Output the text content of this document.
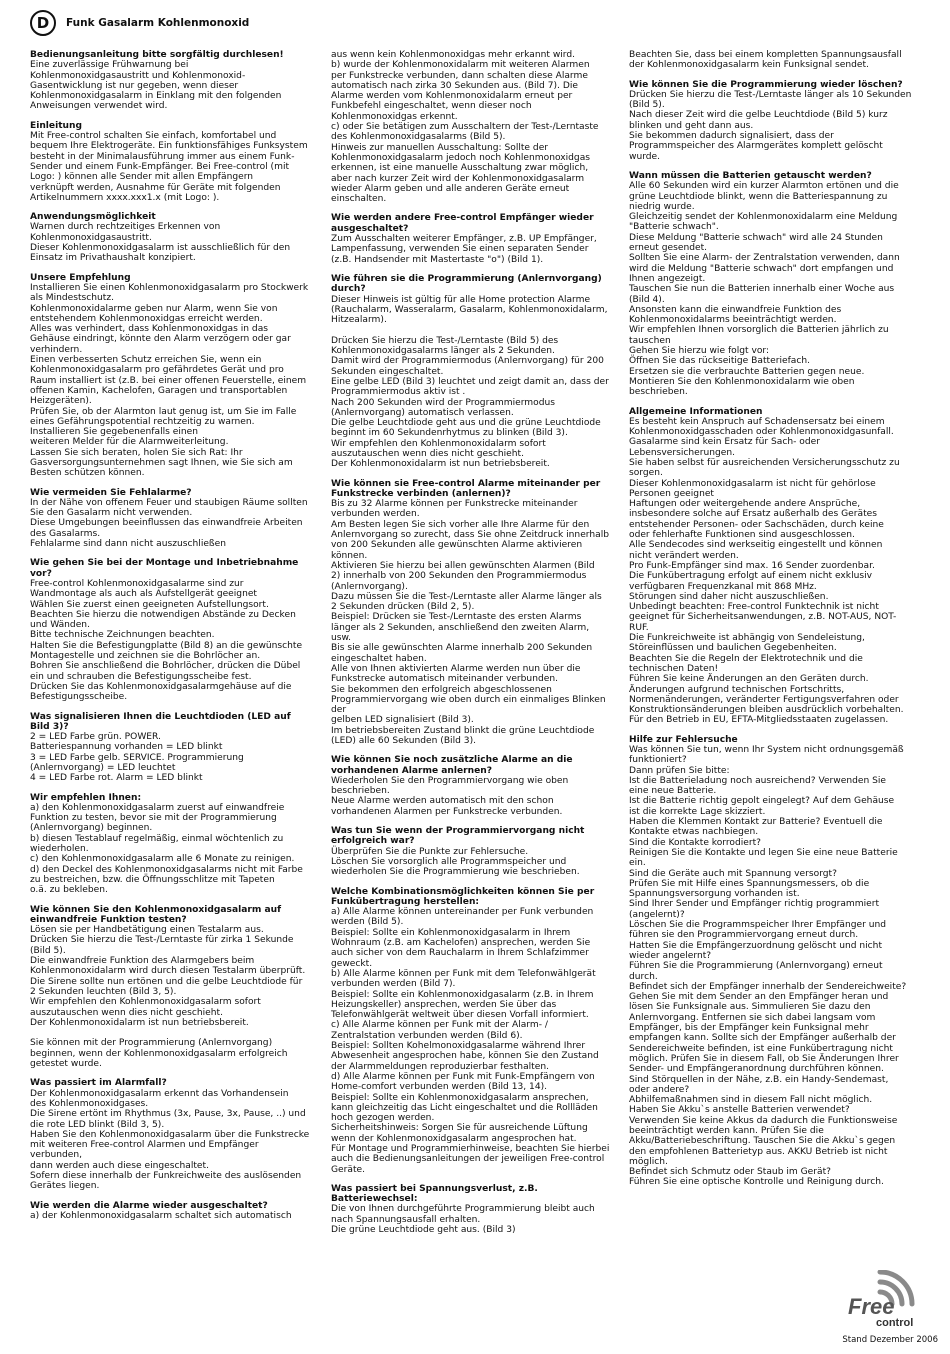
D	Funk Gasalarm Kohlenmonoxid
Bedienungsanleitung bitte sorgfältig durchlesen!

Eine zuverlässige Frühwarnung bei
Kohlenmonoxidgasaustritt und Kohlenmonoxid-
Gasentwicklung ist nur gegeben, wenn dieser
Kohlenmonoxidgasalarm in Einklang mit den folgenden
Anweisungen verwendet wird.

Einleitung

Mit Free-control schalten Sie einfach, komfortabel und
bequem Ihre Elektrogeräte. Ein funktionsfähiges Funksystem
besteht in der Minimalausführung immer aus einem Funk-
Sender und einem Funk-Empfänger. Bei Free-control (mit
Logo: ) können alle Sender mit allen Empfängern
verknüpft werden, Ausnahme für Geräte mit folgenden
Artikelnummern xxxx.xxx1.x (mit Logo: ).

Anwendungsmöglichkeit

Warnen durch rechtzeitiges Erkennen von
Kohlenmonoxidgasaustritt.
Dieser Kohlenmonoxidgasalarm ist ausschließlich für den
Einsatz im Privathaushalt konzipiert.

Unsere Empfehlung

Installieren Sie einen Kohlenmonoxidgasalarm pro Stockwerk
als Mindestschutz.
Kohlenmonoxidalarme geben nur Alarm, wenn Sie von
entstehendem Kohlenmonoxidgas erreicht werden.
Alles was verhindert, dass Kohlenmonoxidgas in das
Gehäuse eindringt, könnte den Alarm verzögern oder gar
verhindern.
Einen verbesserten Schutz erreichen Sie, wenn ein
Kohlenmonoxidgasalarm pro gefährdetes Gerät und pro
Raum installiert ist (z.B. bei einer offenen Feuerstelle, einem
offenen Kamin, Kachelofen, Garagen und transportablen
Heizgeräten).
Prüfen Sie, ob der Alarmton laut genug ist, um Sie im Falle
eines Gefährungspotential rechtzeitig zu warnen.
Installieren Sie gegebenenfalls einen
weiteren Melder für die Alarmweiterleitung.
Lassen Sie sich beraten, holen Sie sich Rat: Ihr
Gasversorgungsunternehmen sagt Ihnen, wie Sie sich am
Besten schützen können.

Wie vermeiden Sie Fehlalarme?

In der Nähe von offenem Feuer und staubigen Räume sollten
Sie den Gasalarm nicht verwenden.
Diese Umgebungen beeinflussen das einwandfreie Arbeiten
des Gasalarms.
Fehlalarme sind dann nicht auszuschließen

Wie gehen Sie bei der Montage und Inbetriebnahme vor?

Free-control Kohlenmonoxidgasalarme sind zur
Wandmontage als auch als Aufstellgerät geeignet
Wählen Sie zuerst einen geeigneten Aufstellungsort.
Beachten Sie hierzu die notwendigen Abstände zu Decken
und Wänden.
Bitte technische Zeichnungen beachten.
Halten Sie die Befestigungplatte (Bild 8) an die gewünschte
Montagestelle und zeichnen sie die Bohrlöcher an.
Bohren Sie anschließend die Bohrlöcher, drücken die Dübel
ein und schrauben die Befestigungsscheibe fest.
Drücken Sie das Kohlenmonoxidgasalarmgehäuse auf die
Befestigungsscheibe.

Was signalisieren Ihnen die Leuchtdioden (LED auf Bild 3)?

2 = LED Farbe grün. POWER.
Batteriespannung vorhanden = LED blinkt
3 = LED Farbe gelb. SERVICE. Programmierung
(Anlernvorgang) = LED leuchtet
4 = LED Farbe rot. Alarm = LED blinkt

Wir empfehlen Ihnen:

a) den Kohlenmonoxidgasalarm zuerst auf einwandfreie
Funktion zu testen, bevor sie mit der Programmierung
(Anlernvorgang) beginnen.
b) diesen Testablauf regelmäßig, einmal wöchtenlich zu
wiederholen.
c) den Kohlenmonoxidgasalarm alle 6 Monate zu reinigen.
d) den Deckel des Kohlenmonoxidgasalarms nicht mit Farbe
zu bestreichen, bzw. die Öffnungsschlitze mit Tapeten
o.ä. zu bekleben.

Wie können Sie den Kohlenmonoxidgasalarm auf einwandfreie Funktion testen?

Lösen sie per Handbetätigung einen Testalarm aus.
Drücken Sie hierzu die Test-/Lerntaste für zirka 1 Sekunde
(Bild 5).
Die einwandfreie Funktion des Alarmgebers beim
Kohlenmonoxidalarm wird durch diesen Testalarm überprüft.
Die Sirene sollte nun ertönen und die gelbe Leuchtdiode für
2 Sekunden leuchten (Bild 3, 5).
Wir empfehlen den Kohlenmonoxidgasalarm sofort
auszutauschen wenn dies nicht geschieht.
Der Kohlenmonoxidalarm ist nun betriebsbereit.

Sie können mit der Programmierung (Anlernvorgang)
beginnen, wenn der Kohlenmonoxidgasalarm erfolgreich
getestet wurde.

Was passiert im Alarmfall?

Der Kohlenmonoxidgasalarm erkennt das Vorhandensein
des Kohlenmonoxidgases.
Die Sirene ertönt im Rhythmus (3x, Pause, 3x, Pause, ..) und
die rote LED blinkt (Bild 3, 5).
Haben Sie den Kohlenmonoxidgasalarm über die Funkstrecke
mit weiteren Free-control Alarmen und Empfänger verbunden,
dann werden auch diese eingeschaltet.
Sofern diese innerhalb der Funkreichweite des auslösenden
Gerätes liegen.

Wie werden die Alarme wieder ausgeschaltet?

a) der Kohlenmonoxidgasalarm schaltet sich automatisch

aus wenn kein Kohlenmonoxidgas mehr erkannt wird.
b) wurde der Kohlenmonoxidalarm mit weiteren Alarmen
per Funkstrecke verbunden, dann schalten diese Alarme
automatisch nach zirka 30 Sekunden aus. (Bild 7). Die
Alarme werden vom Kohlenmonoxidalarm erneut per
Funkbefehl eingeschaltet, wenn dieser noch
Kohlenmonoxidgas erkennt.
c) oder Sie betätigen zum Ausschaltern der Test-/Lerntaste
des Kohlenmonoxidgasalarms (Bild 5).
Hinweis zur manuellen Ausschaltung: Sollte der
Kohlenmonoxidgasalarm jedoch noch Kohlenmonoxidgas
erkennen, ist eine manuelle Ausschaltung zwar möglich,
aber nach kurzer Zeit wird der Kohlenmonoxidgasalarm
wieder Alarm geben und alle anderen Geräte erneut
einschalten.

Wie werden andere Free-control Empfänger wieder ausgeschaltet?

Zum Ausschalten weiterer Empfänger, z.B. UP Empfänger,
Lampenfassung, verwenden Sie einen separaten Sender
(z.B. Handsender mit Mastertaste "o") (Bild 1).

Wie führen sie die Programmierung (Anlernvorgang) durch?

Dieser Hinweis ist gültig für alle Home protection Alarme
(Rauchalarm, Wasseralarm, Gasalarm, Kohlenmonoxidalarm, Hitzealarm).

Drücken Sie hierzu die Test-/Lerntaste (Bild 5) des
Kohlenmonoxidgasalarms länger als 2 Sekunden.
Damit wird der Programmiermodus (Anlernvorgang) für 200
Sekunden eingeschaltet.
Eine gelbe LED (Bild 3) leuchtet und zeigt damit an, dass der
Programmiermodus aktiv ist .
Nach 200 Sekunden wird der Programmiermodus
(Anlernvorgang) automatisch verlassen.
Die gelbe Leuchtdiode geht aus und die grüne Leuchtdiode
beginnt im 60 Sekundenrhytmus zu blinken (Bild 3).
Wir empfehlen den Kohlenmonoxidalarm sofort
auszutauschen wenn dies nicht geschieht.
Der Kohlenmonoxidalarm ist nun betriebsbereit.

Wie können sie Free-control Alarme miteinander per Funkstrecke verbinden (anlernen)?

Bis zu 32 Alarme können per Funkstrecke miteinander
verbunden werden.
Am Besten legen Sie sich vorher alle Ihre Alarme für den
Anlernvorgang so zurecht, dass Sie ohne Zeitdruck innerhalb
von 200 Sekunden alle gewünschten Alarme aktivieren
können.
Aktivieren Sie hierzu bei allen gewünschten Alarmen (Bild
2) innerhalb von 200 Sekunden den Programmiermodus
(Anlernvorgang).
Dazu müssen Sie die Test-/Lerntaste aller Alarme länger als
2 Sekunden drücken (Bild 2, 5).
Beispiel: Drücken sie Test-/Lerntaste des ersten Alarms
länger als 2 Sekunden, anschließend den zweiten Alarm,
usw.
Bis sie alle gewünschten Alarme innerhalb 200 Sekunden
eingeschaltet haben.
Alle von Ihnen aktivierten Alarme werden nun über die
Funkstrecke automatisch miteinander verbunden.
Sie bekommen den erfolgreich abgeschlossenen
Programmiervorgang wie oben durch ein einmaliges Blinken der
gelben LED signalisiert (Bild 3).
Im betriebsbereiten Zustand blinkt die grüne Leuchtdiode
(LED) alle 60 Sekunden (Bild 3).

Wie können Sie noch zusätzliche Alarme an die vorhandenen Alarme anlernen?

Wiederholen Sie den Programmiervorgang wie oben
beschrieben.
Neue Alarme werden automatisch mit den schon
vorhandenen Alarmen per Funkstrecke verbunden.

Was tun Sie wenn der Programmiervorgang nicht erfolgreich war?

Überprüfen Sie die Punkte zur Fehlersuche.
Löschen Sie vorsorglich alle Programmspeicher und
wiederholen Sie die Programmierung wie beschrieben.

Welche Kombinationsmöglichkeiten können Sie per Funkübertragung herstellen:

a) Alle Alarme können untereinander per Funk verbunden
werden (Bild 5).
Beispiel: Sollte ein Kohlenmonoxidgasalarm in Ihrem
Wohnraum (z.B. am Kachelofen) ansprechen, werden Sie
auch sicher von dem Rauchalarm in Ihrem Schlafzimmer
geweckt.
b) Alle Alarme können per Funk mit dem Telefonwählgerät
verbunden werden (Bild 7).
Beispiel: Sollte ein Kohlenmonoxidgasalarm (z.B. in Ihrem
Heizungskeller) ansprechen, werden Sie über das
Telefonwählgerät weltweit über diesen Vorfall informiert.
c) Alle Alarme können per Funk mit der Alarm- /
Zentralstation verbunden werden (Bild 6).
Beispiel: Sollten Kohelmonoxidgasalarme während Ihrer
Abwesenheit angesprochen habe, können Sie den Zustand
der Alarmmeldungen reproduzierbar festhalten.
d) Alle Alarme können per Funk mit Funk-Empfängern von
Home-comfort verbunden werden (Bild 13, 14).
Beispiel: Sollte ein Kohlenmonoxidgasalarm ansprechen,
kann gleichzeitig das Licht eingeschaltet und die Rollläden
hoch gezogen werden.
Sicherheitshinweis: Sorgen Sie für ausreichende Lüftung
wenn der Kohlenmonoxidgasalarm angesprochen hat.
Für Montage und Programmierhinweise, beachten Sie hierbei
auch die Bedienungsanleitungen der jeweiligen Free-control
Geräte.

Was passiert bei Spannungsverlust, z.B. Batteriewechsel:

Die von Ihnen durchgeführte Programmierung bleibt auch
nach Spannungsausfall erhalten.
Die grüne Leuchtdiode geht aus. (Bild 3)

Beachten Sie, dass bei einem kompletten Spannungsausfall
der Kohlenmonoxidgasalarm kein Funksignal sendet.

Wie können Sie die Programmierung wieder löschen?

Drücken Sie hierzu die Test-/Lerntaste länger als 10 Sekunden
(Bild 5).
Nach dieser Zeit wird die gelbe Leuchtdiode (Bild 5) kurz
blinken und geht dann aus.
Sie bekommen dadurch signalisiert, dass der
Programmspeicher des Alarmgerätes komplett gelöscht
wurde.

Wann müssen die Batterien getauscht werden?

Alle 60 Sekunden wird ein kurzer Alarmton ertönen und die
grüne Leuchtdiode blinkt, wenn die Batteriespannung zu
niedrig wurde.
Gleichzeitig sendet der Kohlenmonoxidalarm eine Meldung
"Batterie schwach".
Diese Meldung "Batterie schwach" wird alle 24 Stunden
erneut gesendet.
Sollten Sie eine Alarm- der Zentralstation verwenden, dann
wird die Meldung "Batterie schwach" dort empfangen und
Ihnen angezeigt.
Tauschen Sie nun die Batterien innerhalb einer Woche aus
(Bild 4).
Ansonsten kann die einwandfreie Funktion des
Kohlenmonoxidalarms beeinträchtigt werden.
Wir empfehlen Ihnen vorsorglich die Batterien jährlich zu
tauschen
Gehen Sie hierzu wie folgt vor:
Öffnen Sie das rückseitige Batteriefach.
Ersetzen sie die verbrauchte Batterien gegen neue.
Montieren Sie den Kohlenmonoxidalarm wie oben
beschrieben.

Allgemeine Informationen

Es besteht kein Anspruch auf Schadensersatz bei einem
Kohlenmonoxidgasschaden oder Kohlenmonoxidgasunfall.
Gasalarme sind kein Ersatz für Sach- oder
Lebensversicherungen.
Sie haben selbst für ausreichenden Versicherungsschutz zu
sorgen.
Dieser Kohlenmonoxidgasalarm ist nicht für gehörlose
Personen geeignet
Haftungen oder weitergehende andere Ansprüche,
insbesondere solche auf Ersatz außerhalb des Gerätes
entstehender Personen- oder Sachschäden, durch keine
oder fehlerhafte Funktionen sind ausgeschlossen.
Alle Sendecodes sind werkseitig eingestellt und können
nicht verändert werden.
Pro Funk-Empfänger sind max. 16 Sender zuordenbar.
Die Funkübertragung erfolgt auf einem nicht exklusiv
verfügbaren Frequenzkanal mit 868 MHz.
Störungen sind daher nicht auszuschließen.
Unbedingt beachten: Free-control Funktechnik ist nicht
geeignet für Sicherheitsanwendungen, z.B. NOT-AUS, NOT-
RUF.
Die Funkreichweite ist abhängig von Sendeleistung,
Störeinflüssen und baulichen Gegebenheiten.
Beachten Sie die Regeln der Elektrotechnik und die
technischen Daten!
Führen Sie keine Änderungen an den Geräten durch.
Änderungen aufgrund technischen Fortschritts,
Normenänderungen, veränderter Fertigungsverfahren oder
Konstruktionsänderungen bleiben ausdrücklich vorbehalten.
Für den Betrieb in EU, EFTA-Mitgliedsstaaten zugelassen.

Hilfe zur Fehlersuche

Was können Sie tun, wenn Ihr System nicht ordnungsgemäß
funktioniert?
Dann prüfen Sie bitte:
Ist die Batterieladung noch ausreichend? Verwenden Sie
eine neue Batterie.
Ist die Batterie richtig gepolt eingelegt? Auf dem Gehäuse
ist die korrekte Lage skizziert.
Haben die Klemmen Kontakt zur Batterie? Eventuell die
Kontakte etwas nachbiegen.
Sind die Kontakte korrodiert?
Reinigen Sie die Kontakte und legen Sie eine neue Batterie
ein.
Sind die Geräte auch mit Spannung versorgt?
Prüfen Sie mit Hilfe eines Spannungsmessers, ob die
Spannungsversorgung vorhanden ist.
Sind Ihrer Sender und Empfänger richtig programmiert
(angelernt)?
Löschen Sie die Programmspeicher Ihrer Empfänger und
führen sie den Programmiervorgang erneut durch.
Hatten Sie die Empfängerzuordnung gelöscht und nicht
wieder angelernt?
Führen Sie die Programmierung (Anlernvorgang) erneut
durch.
Befindet sich der Empfänger innerhalb der Sendereichweite?
Gehen Sie mit dem Sender an den Empfänger heran und
lösen Sie Funksignale aus. Simmulieren Sie dazu den
Anlernvorgang. Entfernen sie sich dabei langsam vom
Empfänger, bis der Empfänger kein Funksignal mehr
empfangen kann. Sollte sich der Empfänger außerhalb der
Sendereichweite befinden, ist eine Funkübertragung nicht
möglich. Prüfen Sie in diesem Fall, ob Sie Änderungen Ihrer
Sender- und Empfängeranordnung durchführen können.
Sind Störquellen in der Nähe, z.B. ein Handy-Sendemast,
oder andere?
Abhilfemaßnahmen sind in diesem Fall nicht möglich.
Haben Sie Akku`s anstelle Batterien verwendet?
Verwenden Sie keine Akkus da dadurch die Funktionsweise
beeinträchtigt werden kann. Prüfen Sie die
Akku/Batteriebeschriftung. Tauschen Sie die Akku`s gegen
den empfohlenen Batterietyp aus. AKKU Betrieb ist nicht
möglich.
Befindet sich Schmutz oder Staub im Gerät?
Führen Sie eine optische Kontrolle und Reinigung durch.

Free
control
Stand Dezember 2006
